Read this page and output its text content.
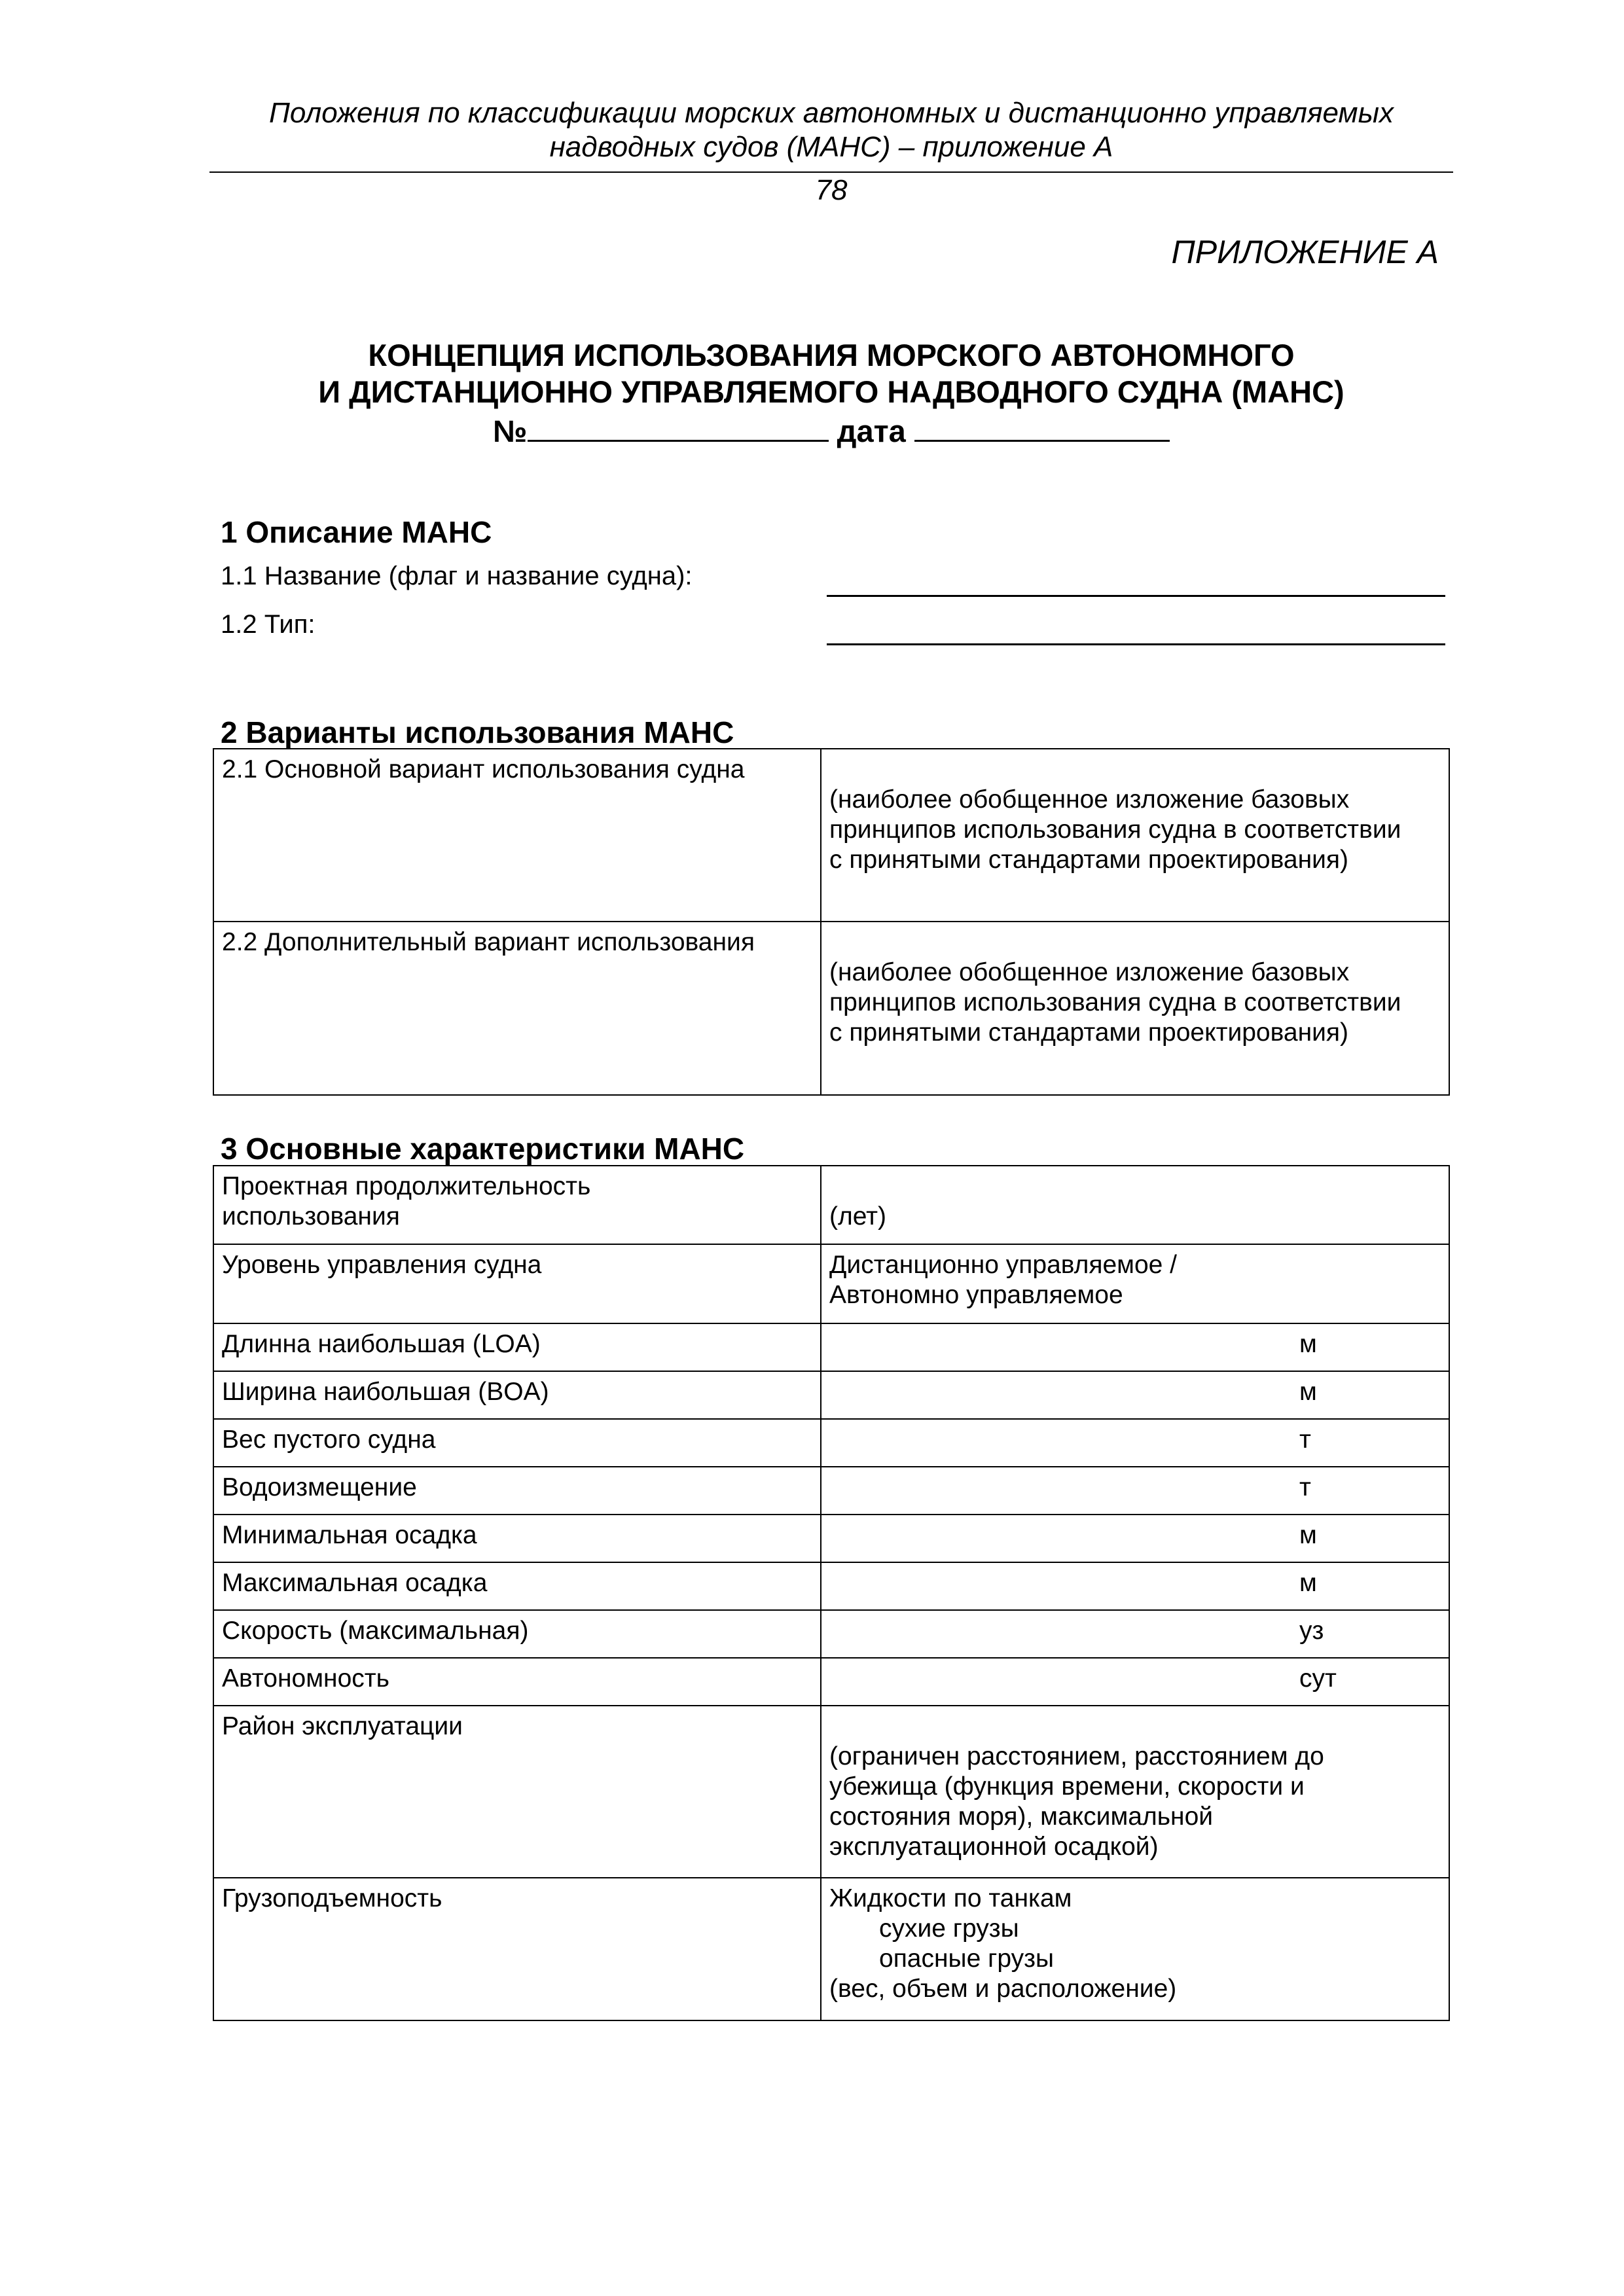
Положения по классификации морских автономных и дистанционно управляемых
надводных судов (МАНС) – приложение А
78
ПРИЛОЖЕНИЕ А
КОНЦЕПЦИЯ ИСПОЛЬЗОВАНИЯ МОРСКОГО АВТОНОМНОГО
И ДИСТАНЦИОННО УПРАВЛЯЕМОГО НАДВОДНОГО СУДНА (МАНС)
№	дата
1 Описание МАНС
1.1 Название (флаг и название судна):
1.2 Тип:
2 Варианты использования МАНС
2.1 Основной вариант использования судна	(наиболее обобщенное изложение базовых
принципов использования судна в соответствии
с принятыми стандартами проектирования)

2.2 Дополнительный вариант использования	(наиболее обобщенное изложение базовых
принципов использования судна в соответствии
с принятыми стандартами проектирования)
3 Основные характеристики МАНС
Проектная продолжительность
использования	(лет)

Уровень управления судна	Дистанционно управляемое /
Автономно управляемое

Длинна наибольшая (LOA)	м

Ширина наибольшая (BOA)	м

Вес пустого судна	т

Водоизмещение	т

Минимальная осадка	м

Максимальная осадка	м

Скорость (максимальная)	уз

Автономность	сут

Район эксплуатации	(ограничен расстоянием, расстоянием до
убежища (функция времени, скорости и
состояния моря), максимальной
эксплуатационной осадкой)

Грузоподъемность	Жидкости по танкам
сухие грузы
опасные грузы
(вес, объем и расположение)
